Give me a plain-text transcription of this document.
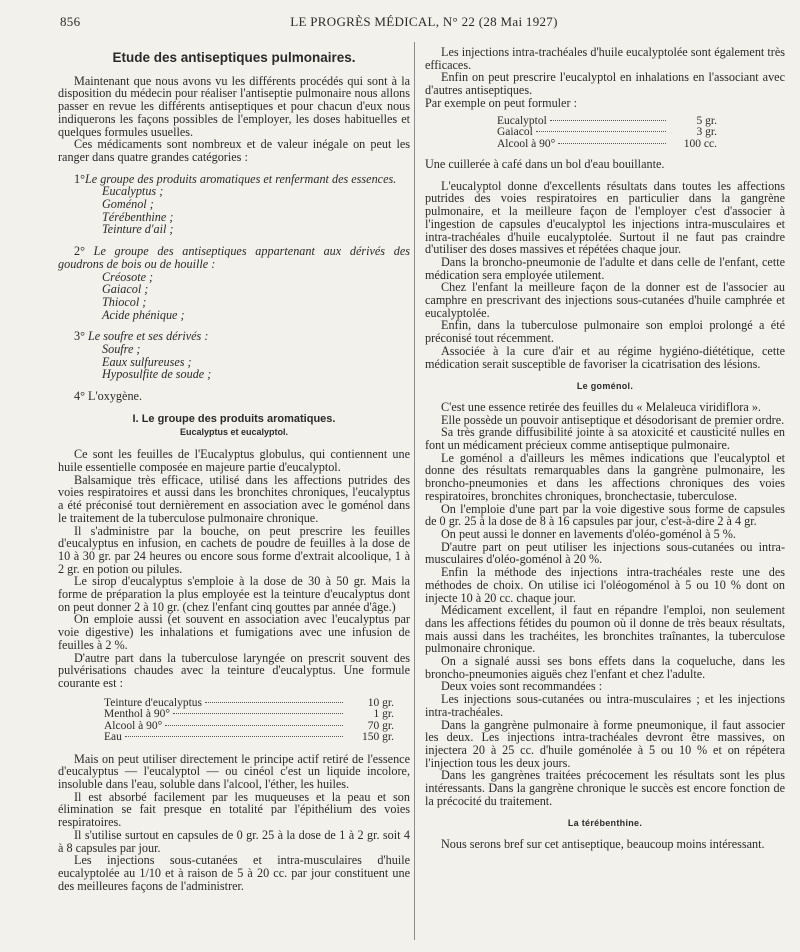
856	LE PROGRÈS MÉDICAL, N° 22 (28 Mai 1927)
Etude des antiseptiques pulmonaires.

Maintenant que nous avons vu les différents procédés qui sont à la disposition du médecin pour réaliser l'antiseptie pulmonaire nous allons passer en revue les différents antiseptiques et pour chacun d'eux nous indiquerons les façons possibles de l'employer, les doses habituelles et quelques formules usuelles.

Ces médicaments sont nombreux et de valeur inégale on peut les ranger dans quatre grandes catégories :

1°Le groupe des produits aromatiques et renfermant des essences.

Eucalyptus ;
Goménol ;
Térébenthine ;
Teinture d'ail ;

2° Le groupe des antiseptiques appartenant aux dérivés des goudrons de bois ou de houille :

Créosote ;
Gaiacol ;
Thiocol ;
Acide phénique ;

3° Le soufre et ses dérivés :

Soufre ;
Eaux sulfureuses ;
Hyposulfite de soude ;

4° L'oxygène.

I. Le groupe des produits aromatiques.
Eucalyptus et eucalyptol.

Ce sont les feuilles de l'Eucalyptus globulus, qui contiennent une huile essentielle composée en majeure partie d'eucalyptol.

Balsamique très efficace, utilisé dans les affections putrides des voies respiratoires et aussi dans les bronchites chroniques, l'eucalyptus a été préconisé tout dernièrement en association avec le goménol dans le traitement de la tuberculose pulmonaire chronique.

Il s'administre par la bouche, on peut prescrire les feuilles d'eucalyptus en infusion, en cachets de poudre de feuilles à la dose de 10 à 30 gr. par 24 heures ou encore sous forme d'extrait alcoolique, 1 à 2 gr. en potion ou pilules.

Le sirop d'eucalyptus s'emploie à la dose de 30 à 50 gr. Mais la forme de préparation la plus employée est la teinture d'eucalyptus dont on peut donner 2 à 10 gr. (chez l'enfant cinq gouttes par année d'âge.)

On emploie aussi (et souvent en association avec l'eucalyptus par voie digestive) les inhalations et fumigations avec une infusion de feuilles à 2 %.

D'autre part dans la tuberculose laryngée on prescrit souvent des pulvérisations chaudes avec la teinture d'eucalyptus. Une formule courante est :

Teinture d'eucalyptus	10 gr.
Menthol à 90°	1 gr.
Alcool à 90°	70 gr.
Eau	150 gr.

Mais on peut utiliser directement le principe actif retiré de l'essence d'eucalyptus — l'eucalyptol — ou cinéol c'est un liquide incolore, insoluble dans l'eau, soluble dans l'alcool, l'éther, les huiles.

Il est absorbé facilement par les muqueuses et la peau et son élimination se fait presque en totalité par l'épithélium des voies respiratoires.

Il s'utilise surtout en capsules de 0 gr. 25 à la dose de 1 à 2 gr. soit 4 à 8 capsules par jour.

Les injections sous-cutanées et intra-musculaires d'huile eucalyptolée au 1/10 et à raison de 5 à 20 cc. par jour constituent une des meilleures façons de l'administrer.

Les injections intra-trachéales d'huile eucalyptolée sont également très efficaces.

Enfin on peut prescrire l'eucalyptol en inhalations en l'associant avec d'autres antiseptiques.

Par exemple on peut formuler :

Eucalyptol	5 gr.
Gaiacol	3 gr.
Alcool à 90°	100 cc.

Une cuillerée à café dans un bol d'eau bouillante.

L'eucalyptol donne d'excellents résultats dans toutes les affections putrides des voies respiratoires en particulier dans la gangrène pulmonaire, et la meilleure façon de l'employer c'est d'associer à l'ingestion de capsules d'eucalyptol les injections intra-musculaires et intra-trachéales d'huile eucalyptolée. Surtout il ne faut pas craindre d'utiliser des doses massives et répétées chaque jour.

Dans la broncho-pneumonie de l'adulte et dans celle de l'enfant, cette médication sera employée utilement.

Chez l'enfant la meilleure façon de la donner est de l'associer au camphre en prescrivant des injections sous-cutanées d'huile camphrée et eucalyptolée.

Enfin, dans la tuberculose pulmonaire son emploi prolongé a été préconisé tout récemment.

Associée à la cure d'air et au régime hygiéno-diététique, cette médication serait susceptible de favoriser la cicatrisation des lésions.

Le goménol.

C'est une essence retirée des feuilles du « Melaleuca viridiflora ».

Elle possède un pouvoir antiseptique et désodorisant de premier ordre.

Sa très grande diffusibilité jointe à sa atoxicité et causticité nulles en font un médicament précieux comme antiseptique pulmonaire.

Le goménol a d'ailleurs les mêmes indications que l'eucalyptol et donne des résultats remarquables dans la gangrène pulmonaire, les broncho-pneumonies et dans les affections chroniques des voies respiratoires, bronchites chroniques, bronchectasie, tuberculose.

On l'emploie d'une part par la voie digestive sous forme de capsules de 0 gr. 25 à la dose de 8 à 16 capsules par jour, c'est-à-dire 2 à 4 gr.

On peut aussi le donner en lavements d'oléo-goménol à 5 %.

D'autre part on peut utiliser les injections sous-cutanées ou intra-musculaires d'oléo-goménol à 20 %.

Enfin la méthode des injections intra-trachéales reste une des méthodes de choix. On utilise ici l'oléogoménol à 5 ou 10 % dont on injecte 10 à 20 cc. chaque jour.

Médicament excellent, il faut en répandre l'emploi, non seulement dans les affections fétides du poumon où il donne de très beaux résultats, mais aussi dans les trachéites, les bronchites traînantes, la tuberculose pulmonaire chronique.

On a signalé aussi ses bons effets dans la coqueluche, dans les broncho-pneumonies aiguës chez l'enfant et chez l'adulte.

Deux voies sont recommandées :

Les injections sous-cutanées ou intra-musculaires ; et les injections intra-trachéales.

Dans la gangrène pulmonaire à forme pneumonique, il faut associer les deux. Les injections intra-trachéales devront être massives, on injectera 20 à 25 cc. d'huile goménolée à 5 ou 10 % et on répétera l'injection tous les deux jours.

Dans les gangrènes traitées précocement les résultats sont les plus intéressants. Dans la gangrène chronique le succès est encore fonction de la précocité du traitement.

La térébenthine.

Nous serons bref sur cet antiseptique, beaucoup moins intéressant.
